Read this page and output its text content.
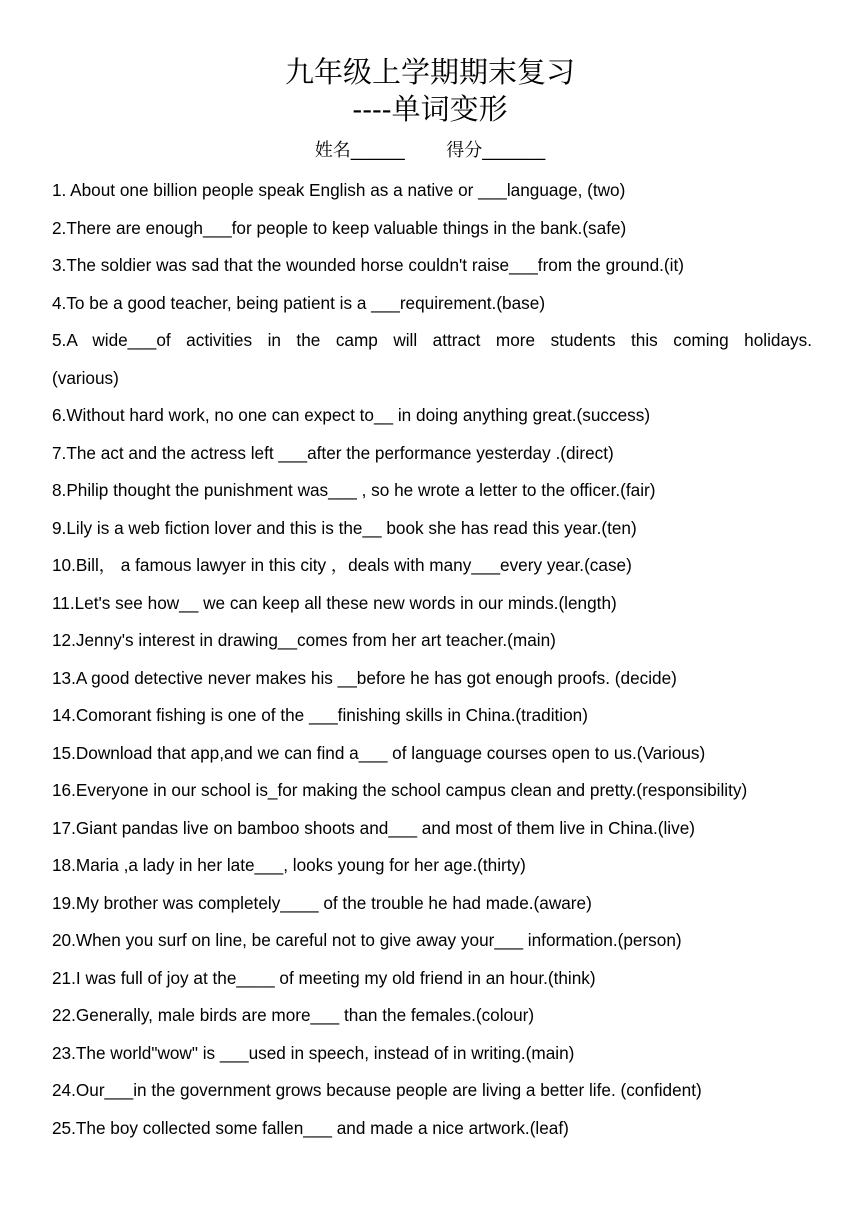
九年级上学期期末复习
----单词变形
姓名______ 得分_______
1. About one billion people speak English as a native or ___language, (two)
2.There are enough___for people to keep valuable things in the bank.(safe)
3.The soldier was sad that the wounded horse couldn't raise___from the ground.(it)
4.To be a good teacher, being patient is a ___requirement.(base)
5.A wide___of activities in the camp will attract more students this coming holidays.
(various)
6.Without hard work, no one can expect to__ in doing anything great.(success)
7.The act and the actress left ___after the performance yesterday .(direct)
8.Philip thought the punishment was___ , so he wrote a letter to the officer.(fair)
9.Lily is a web fiction lover and this is the__ book she has read this year.(ten)
10.Bill， a famous lawyer in this city ，deals with many___every year.(case)
11.Let's see how__ we can keep all these new words in our minds.(length)
12.Jenny's interest in drawing__comes from her art teacher.(main)
13.A good detective never makes his __before he has got enough proofs. (decide)
14.Comorant fishing is one of the ___finishing skills in China.(tradition)
15.Download that app,and we can find a___ of language courses open to us.(Various)
16.Everyone in our school is_for making the school campus clean and pretty.(responsibility)
17.Giant pandas live on bamboo shoots and___ and most of them live in China.(live)
18.Maria ,a lady in her late___, looks young for her age.(thirty)
19.My brother was completely____ of the trouble he had made.(aware)
20.When you surf on line, be careful not to give away your___ information.(person)
21.I was full of joy at the____ of meeting my old friend in an hour.(think)
22.Generally, male birds are more___ than the females.(colour)
23.The world"wow" is ___used in speech, instead of in writing.(main)
24.Our___in the government grows because people are living a better life. (confident)
25.The boy collected some fallen___ and made a nice artwork.(leaf)
